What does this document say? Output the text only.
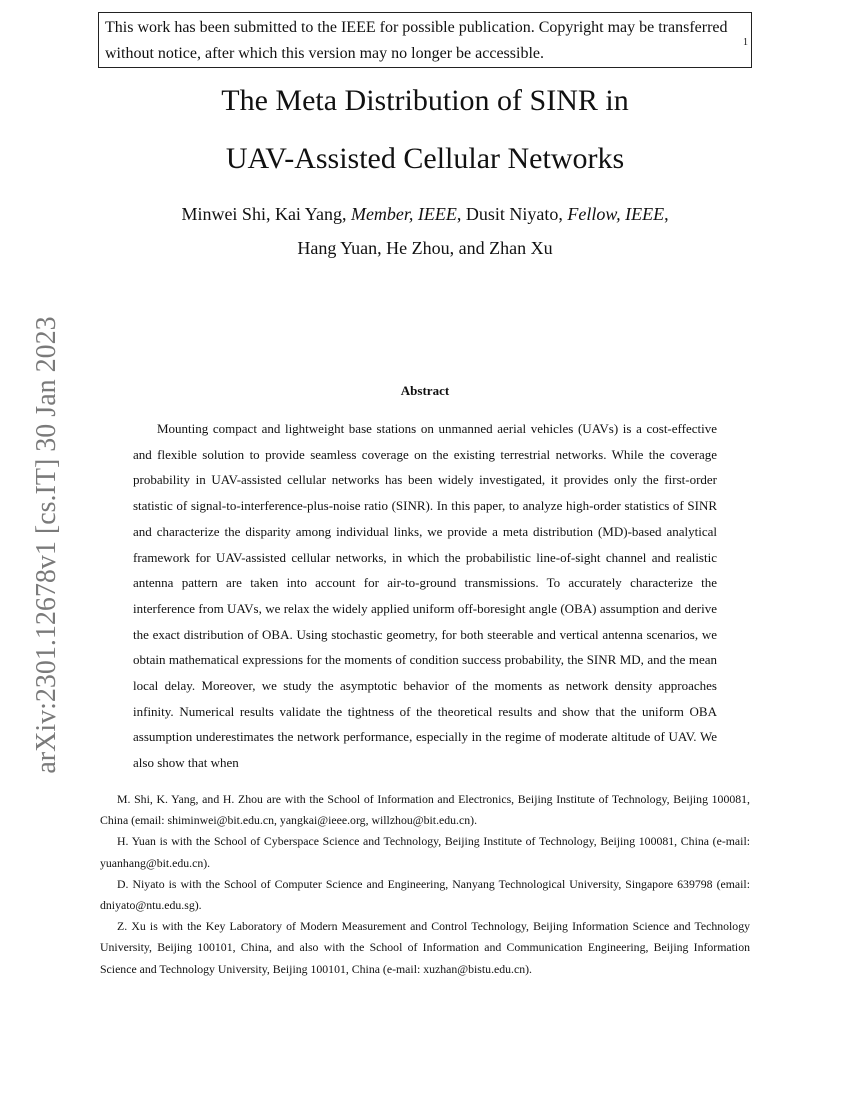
This work has been submitted to the IEEE for possible publication. Copyright may be transferred

without notice, after which this version may no longer be accessible.

1
arXiv:2301.12678v1 [cs.IT] 30 Jan 2023
The Meta Distribution of SINR in
UAV-Assisted Cellular Networks
Minwei Shi, Kai Yang, Member, IEEE, Dusit Niyato, Fellow, IEEE,
Hang Yuan, He Zhou, and Zhan Xu
Abstract

Mounting compact and lightweight base stations on unmanned aerial vehicles (UAVs) is a cost-effective and flexible solution to provide seamless coverage on the existing terrestrial networks. While the coverage probability in UAV-assisted cellular networks has been widely investigated, it provides only the first-order statistic of signal-to-interference-plus-noise ratio (SINR). In this paper, to analyze high-order statistics of SINR and characterize the disparity among individual links, we provide a meta distribution (MD)-based analytical framework for UAV-assisted cellular networks, in which the probabilistic line-of-sight channel and realistic antenna pattern are taken into account for air-to-ground transmissions. To accurately characterize the interference from UAVs, we relax the widely applied uniform off-boresight angle (OBA) assumption and derive the exact distribution of OBA. Using stochastic geometry, for both steerable and vertical antenna scenarios, we obtain mathematical expressions for the moments of condition success probability, the SINR MD, and the mean local delay. Moreover, we study the asymptotic behavior of the moments as network density approaches infinity. Numerical results validate the tightness of the theoretical results and show that the uniform OBA assumption underestimates the network performance, especially in the regime of moderate altitude of UAV. We also show that when

M. Shi, K. Yang, and H. Zhou are with the School of Information and Electronics, Beijing Institute of Technology, Beijing 100081, China (email: shiminwei@bit.edu.cn, yangkai@ieee.org, willzhou@bit.edu.cn).

H. Yuan is with the School of Cyberspace Science and Technology, Beijing Institute of Technology, Beijing 100081, China (e-mail: yuanhang@bit.edu.cn).

D. Niyato is with the School of Computer Science and Engineering, Nanyang Technological University, Singapore 639798 (email: dniyato@ntu.edu.sg).

Z. Xu is with the Key Laboratory of Modern Measurement and Control Technology, Beijing Information Science and Technology University, Beijing 100101, China, and also with the School of Information and Communication Engineering, Beijing Information Science and Technology University, Beijing 100101, China (e-mail: xuzhan@bistu.edu.cn).
